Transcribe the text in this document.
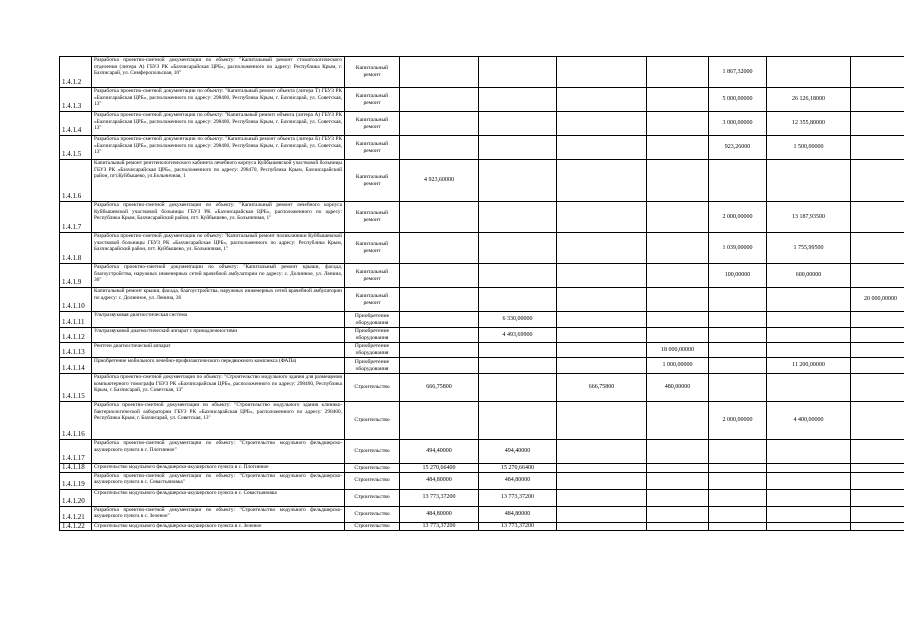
1.4.1.2	Разработка проектно-сметной документации по объекту: "Капитальный ремонт стоматологического отделения (литера А) ГБУЗ РК «Бахчисарайская ЦРБ», расположенного по адресу: Республика Крым, г. Бахчисарай, ул. Симферопольская, 10"	Капитальный ремонт					1 867,32000		
1.4.1.3	Разработка проектно-сметной документации по объекту: "Капитальный ремонт объекта (литера Т) ГБУЗ РК «Бахчисарайская ЦРБ», расположенного по адресу: 298400, Республика Крым, г. Бахчисарай, ул. Советская, 13"	Капитальный ремонт					5 000,00000	26 126,18000	
1.4.1.4	Разработка проектно-сметной документации по объекту: "Капитальный ремонт объекта (литера А) ГБУЗ РК «Бахчисарайская ЦРБ», расположенного по адресу: 298400, Республика Крым, г. Бахчисарай, ул. Советская, 13"	Капитальный ремонт					3 000,00000	12 355,80000	
1.4.1.5	Разработка проектно-сметной документации по объекту: "Капитальный ремонт объекта (литера Б) ГБУЗ РК «Бахчисарайская ЦРБ», расположенного по адресу: 298400, Республика Крым, г. Бахчисарай, ул. Советская, 13"	Капитальный ремонт					923,26000	1 500,00000	
1.4.1.6	Капитальный ремонт рентгенологического кабинета лечебного корпуса Куйбышевской участковой больницы ГБУЗ РК «Бахчисарайская ЦРБ», расположенного по адресу: 298470, Республика Крым, Бахчисарайский район, пгт.Куйбышево, ул.Больничная, 1	Капитальный ремонт	4 923,60000						
1.4.1.7	Разработка проектно-сметной документации по объекту: "Капитальный ремонт лечебного корпуса Куйбышевской участковой больницы ГБУЗ РК «Бахчисарайская ЦРБ», расположенного по адресу: Республика Крым, Бахчисарайский район, пгт. Куйбышево, ул. Больничная, 1"	Капитальный ремонт					2 000,00000	13 187,93500	
1.4.1.8	Разработка проектно-сметной документации по объекту: "Капитальный ремонт поликлиники Куйбышевской участковой больницы ГБУЗ РК «Бахчисарайская ЦРБ», расположенного по адресу: Республика Крым, Бахчисарайский район, пгт. Куйбышево, ул. Больничная, 1"	Капитальный ремонт					1 039,00000	1 755,99500	
1.4.1.9	Разработка проектно-сметной документации по объекту: "Капитальный ремонт крыши, фасада, благоустройства, наружных инженерных сетей врачебной амбулатории по адресу: с. Долинное, ул. Ленина, 36"	Капитальный ремонт					100,00000	600,00000	
1.4.1.10	Капитальный ремонт крыши, фасада, благоустройства, наружных инженерных сетей врачебной амбулатории по адресу: с. Долинное, ул. Ленина, 36	Капитальный ремонт							20 000,00000
1.4.1.11	Ультразвуковая диагностическая система	Приобретение оборудования		6 330,00000					
1.4.1.12	Ультразвуковой диагностический аппарат с принадлежностями	Приобретение оборудования		4 493,69900					
1.4.1.13	Рентген диагностический аппарат	Приобретение оборудования				18 000,00000			
1.4.1.14	Приобретение мобильного лечебно-профилактического передвижного комплекса (ФАПа)	Приобретение оборудования				1 000,00000		11 200,00000	
1.4.1.15	Разработка проектно-сметной документации по объекту: "Строительство модульного здания для размещения компьютерного томографа ГБУЗ РК «Бахчисарайская ЦРБ», расположенного по адресу: 298400, Республика Крым, г. Бахчисарай, ул. Советская, 13"	Строительство	666,75800		666,75800	480,00000			
1.4.1.16	Разработка проектно-сметной документации по объекту: "Строительство модульного здания клинико-бактериологической лаборатории ГБУЗ РК «Бахчисарайская ЦРБ», расположенного по адресу: 298400, Республика Крым, г. Бахчисарай, ул. Советская, 13"	Строительство					2 000,00000	4 400,00000	
1.4.1.17	Разработка проектно-сметной документации по объекту: "Строительство модульного фельдшерско-акушерского пункта в с. Плотинное"	Строительство	494,40000	494,40000					
1.4.1.18	Строительство модульного фельдшерско-акушерского пункта в с. Плотинное	Строительство	15 270,66400	15 270,66400					
1.4.1.19	Разработка проектно-сметной документации по объекту: "Строительство модульного фельдшерско-акушерского пункта в с. Севастьяновка"	Строительство	484,80000	484,80000					
1.4.1.20	Строительство модульного фельдшерско-акушерского пункта в с. Севастьяновка	Строительство	13 773,37200	13 773,37200					
1.4.1.21	Разработка проектно-сметной документации по объекту: "Строительство модульного фельдшерско-акушерского пункта в с. Зеленое"	Строительство	484,80000	484,80000					
1.4.1.22	Строительство модульного фельдшерско-акушерского пункта в с. Зеленое	Строительство	13 773,37200	13 773,37200					
